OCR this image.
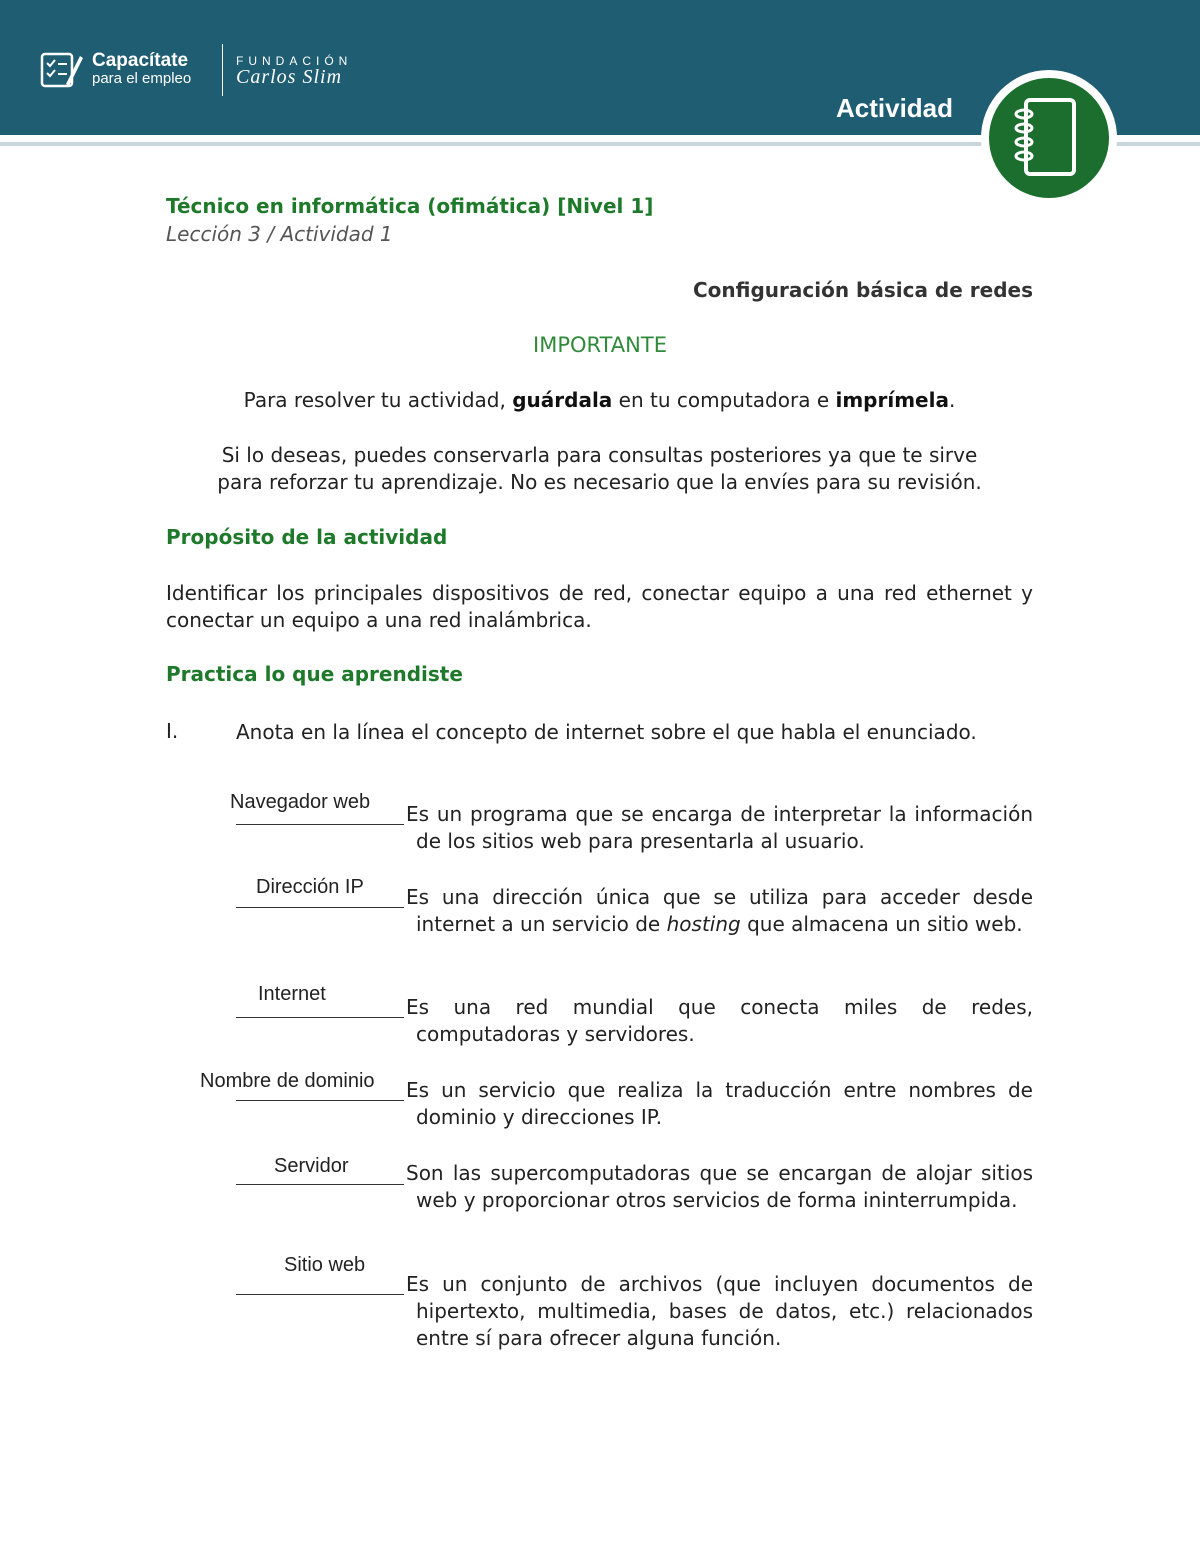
Capacítate
para el empleo
FUNDACIÓN
Carlos Slim
Actividad
Técnico en informática (ofimática) [Nivel 1]
Lección 3 / Actividad 1
Configuración básica de redes
IMPORTANTE
Para resolver tu actividad, guárdala en tu computadora e imprímela.
Si lo deseas, puedes conservarla para consultas posteriores ya que te sirve
para reforzar tu aprendizaje. No es necesario que la envíes para su revisión.
Propósito de la actividad
Identificar los principales dispositivos de red, conectar equipo a una red ethernet y conectar un equipo a una red inalámbrica.
Practica lo que aprendiste
I.	Anota en la línea el concepto de internet sobre el que habla el enunciado.
Navegador web Es un programa que se encarga de interpretar la información de los sitios web para presentarla al usuario.
Dirección IP Es una dirección única que se utiliza para acceder desde internet a un servicio de hosting que almacena un sitio web.
Internet
Es una red mundial que conecta miles de redes, computadoras y servidores.
Nombre de dominio Es un servicio que realiza la traducción entre nombres de dominio y direcciones IP.
Servidor	Son las supercomputadoras que se encargan de alojar sitios web y proporcionar otros servicios de forma ininterrumpida.
Sitio web
Es un conjunto de archivos (que incluyen documentos de hipertexto, multimedia, bases de datos, etc.) relacionados entre sí para ofrecer alguna función.
